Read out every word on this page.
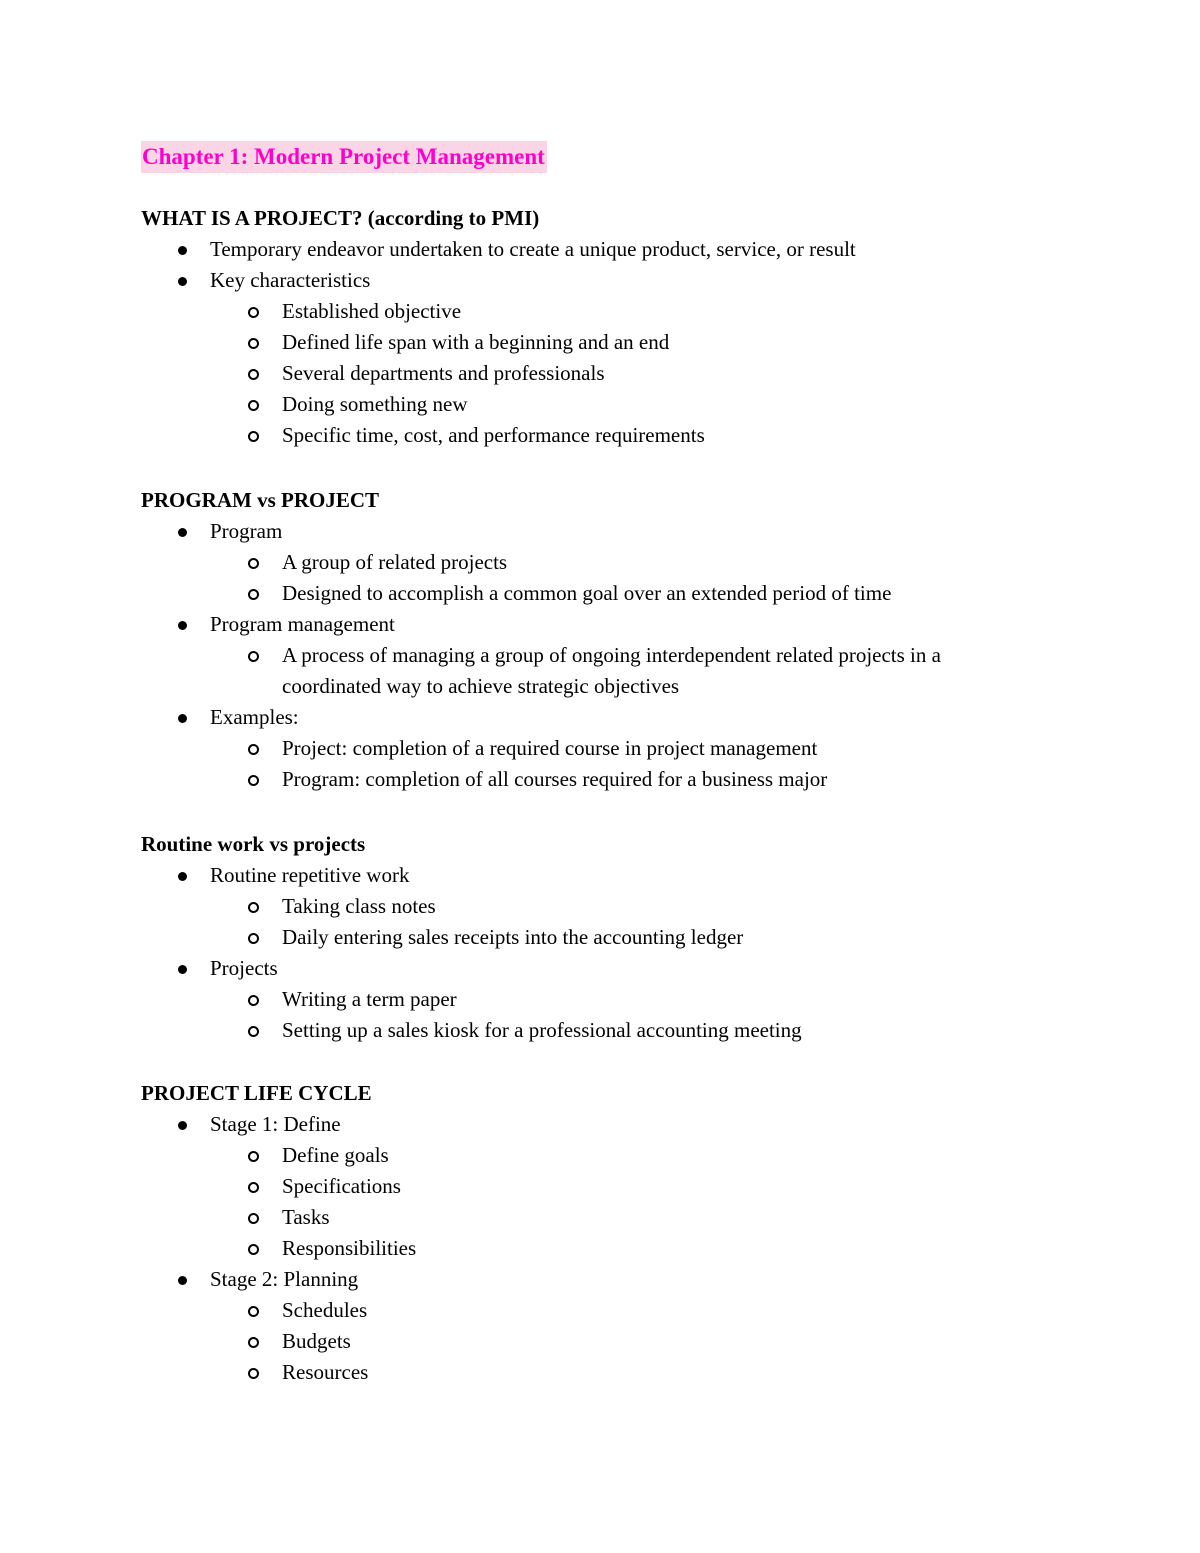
Chapter 1: Modern Project Management
WHAT IS A PROJECT? (according to PMI)
Temporary endeavor undertaken to create a unique product, service, or result
Key characteristics
Established objective
Defined life span with a beginning and an end
Several departments and professionals
Doing something new
Specific time, cost, and performance requirements
PROGRAM vs PROJECT
Program
A group of related projects
Designed to accomplish a common goal over an extended period of time
Program management
A process of managing a group of ongoing interdependent related projects in a coordinated way to achieve strategic objectives
Examples:
Project: completion of a required course in project management
Program: completion of all courses required for a business major
Routine work vs projects
Routine repetitive work
Taking class notes
Daily entering sales receipts into the accounting ledger
Projects
Writing a term paper
Setting up a sales kiosk for a professional accounting meeting
PROJECT LIFE CYCLE
Stage 1: Define
Define goals
Specifications
Tasks
Responsibilities
Stage 2: Planning
Schedules
Budgets
Resources
